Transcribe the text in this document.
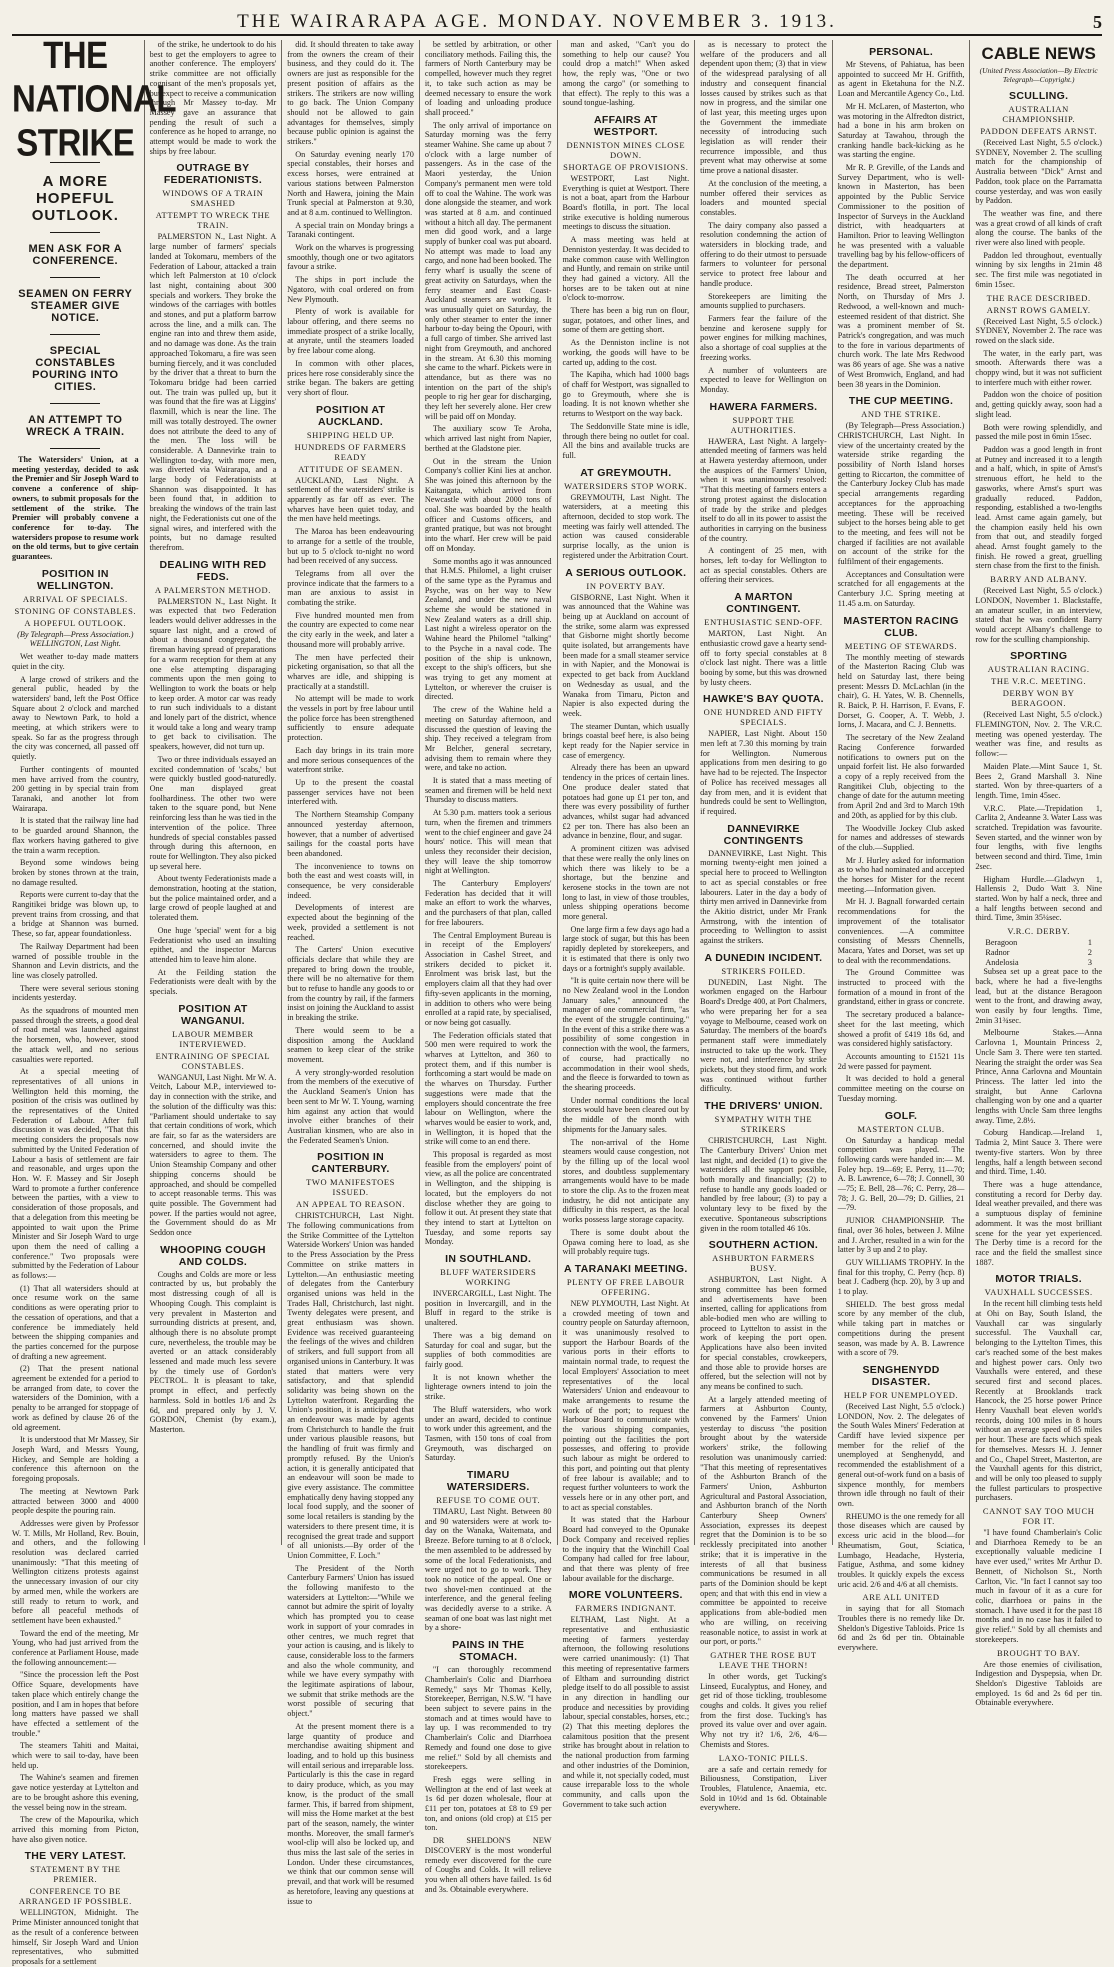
THE WAIRARAPA AGE. MONDAY. NOVEMBER 3. 1913.	5
THE NATIONAL STRIKE
A MORE HOPEFUL OUTLOOK.
MEN ASK FOR A CONFERENCE.
SEAMEN ON FERRY STEAMER GIVE NOTICE.
SPECIAL CONSTABLES POURING INTO CITIES.
AN ATTEMPT TO WRECK A TRAIN.

The Watersiders' Union, at a meeting yesterday, decided to ask the Premier and Sir Joseph Ward to convene a conference of ship-owners, to submit proposals for the settlement of the strike. The Premier will probably convene a conference for to-day. The watersiders propose to resume work on the old terms, but to give certain guarantees.

POSITION IN WELLINGTON.
ARRIVAL OF SPECIALS.
STONING OF CONSTABLES.
A HOPEFUL OUTLOOK.

(By Telegraph—Press Association.) WELLINGTON, Last Night.

Wet weather to-day made matters quiet in the city.

A large crowd of strikers and the general public, headed by the watersiders' band, left the Post Office Square about 2 o'clock and marched away to Newtown Park, to hold a meeting, at which strikers were to speak. So far as the progress through the city was concerned, all passed off quietly.

Further contingents of mounted men have arrived from the country, 200 getting in by special train from Taranaki, and another lot from Wairarapa.

It is stated that the railway line had to be guarded around Shannon, the flax workers having gathered to give the train a warm reception.

Beyond some windows being broken by stones thrown at the train, no damage resulted.

Reports were current to-day that the Rangitikei bridge was blown up, to prevent trains from crossing, and that a bridge at Shannon was burned. These, so far, appear foundationless.

The Railway Department had been warned of possible trouble in the Shannon and Levin districts, and the line was closely patrolled.

There were several serious stoning incidents yesterday.

As the squadrons of mounted men passed through the streets, a good deal of road metal was launched against the horsemen, who, however, stood the attack well, and no serious casualties were reported.

At a special meeting of representatives of all unions in Wellington held this morning, the position of the crisis was outlined by the representatives of the United Federation of Labour. After full discussion it was decided, "That this meeting considers the proposals now submitted by the United Federation of Labour a basis of settlement are fair and reasonable, and urges upon the Hon. W. F. Massey and Sir Joseph Ward to promote a further conference between the parties, with a view to consideration of those proposals, and that a delegation from this meeting be appointed to wait upon the Prime Minister and Sir Joseph Ward to urge upon them the need of calling a conference." Two proposals were submitted by the Federation of Labour as follows:—

(1) That all watersiders should at once resume work on the same conditions as were operating prior to the cessation of operations, and that a conference be immediately held between the shipping companies and the parties concerned for the purpose of drafting a new agreement.

(2) That the present national agreement be extended for a period to be arranged from date, to cover the watersiders of the Dominion, with a penalty to be arranged for stoppage of work as defined by clause 26 of the old agreement.

It is understood that Mr Massey, Sir Joseph Ward, and Messrs Young, Hickey, and Semple are holding a conference this afternoon on the foregoing proposals.

The meeting at Newtown Park attracted between 3000 and 4000 people despite the pouring rain.

Addresses were given by Professor W. T. Mills, Mr Holland, Rev. Bouin, and others, and the following resolution was declared carried unanimously: "That this meeting of Wellington citizens protests against the unnecessary invasion of our city by armed men, while the workers are still ready to return to work, and before all peaceful methods of settlement have been exhausted."

Toward the end of the meeting, Mr Young, who had just arrived from the conference at Parliament House, made the following announcement:—

"Since the procession left the Post Office Square, developments have taken place which entirely change the position, and I am in hopes that before long matters have passed we shall have effected a settlement of the trouble."

The steamers Tahiti and Maitai, which were to sail to-day, have been held up.

The Wahine's seamen and firemen gave notice yesterday at Lyttelton and are to be brought ashore this evening, the vessel being now in the stream.

The crew of the Mapourika, which arrived this morning from Picton, have also given notice.

THE VERY LATEST.
STATEMENT BY THE PREMIER.
CONFERENCE TO BE ARRANGED IF POSSIBLE.

WELLINGTON, Midnight. The Prime Minister announced tonight that as the result of a conference between himself, Sir Joseph Ward and Union representatives, who submitted proposals for a settlement

of the strike, he undertook to do his best to get the employers to agree to another conference. The employers' strike committee are not officially cognisant of the men's proposals yet, but expect to receive a communication through Mr Massey to-day. Mr Massey gave an assurance that pending the result of such a conference as he hoped to arrange, no attempt would be made to work the ships by free labour.

OUTRAGE BY FEDERATIONISTS.
WINDOWS OF A TRAIN SMASHED
ATTEMPT TO WRECK THE TRAIN.

PALMERSTON N., Last Night. A large number of farmers' specials landed at Tokomaru, members of the Federation of Labour, attacked a train which left Palmerston at 10 o'clock last night, containing about 300 specials and workers. They broke the windows of the carriages with bottles and stones, and put a platform barrow across the line, and a milk can. The engine ran into and threw them aside, and no damage was done. As the train approached Tokomaru, a fire was seen burning fiercely, and it was concluded by the driver that a threat to burn the Tokomaru bridge had been carried out. The train was pulled up, but it was found that the fire was at Liggins' flaxmill, which is near the line. The mill was totally destroyed. The owner does not attribute the deed to any of the men. The loss will be considerable. A Dannevirke train to Wellington to-day, with more men, was diverted via Wairarapa, and a large body of Federationists at Shannon was disappointed. It has been found that, in addition to breaking the windows of the train last night, the Federationists cut one of the signal wires, and interfered with the points, but no damage resulted therefrom.

DEALING WITH RED FEDS.
A PALMERSTON METHOD.

PALMERSTON N., Last Night. It was expected that two Federation leaders would deliver addresses in the square last night, and a crowd of about a thousand congregated, the fireman having spread of preparations for a warm reception for them at any one else attempting disparaging comments upon the men going to Wellington to work the boats or help to keep order. A motor car was ready to run such individuals to a distant and lonely part of the district, whence it would take a long and weary tramp to get back to civilisation. The speakers, however, did not turn up.

Two or three individuals essayed an excited condemnation of 'scabs,' but were quickly bustled good-naturedly. One man displayed great foolhardiness. The other two were taken to the square pond, but Nene reinforcing less than he was tied in the intervention of the police. Three hundreds of special constables passed through during this afternoon, en route for Wellington. They also picked up several here.

About twenty Federationists made a demonstration, hooting at the station, but the police maintained order, and a large crowd of people laughed at and tolerated them.

One huge 'special' went for a big Federationist who used an insulting epithet, and the inspector Marcus attended him to leave him alone.

At the Feilding station the Federationists were dealt with by the specials.

POSITION AT WANGANUI.
LABOUR MEMBER INTERVIEWED.
ENTRAINING OF SPECIAL CONSTABLES.

WANGANUI, Last Night. Mr W. A. Veitch, Labour M.P., interviewed to-day in connection with the strike, and the solution of the difficulty was this: "Parliament should undertake to say that certain conditions of work, which are fair, so far as the watersiders are concerned, and should invite the watersiders to agree to them. The Union Steamship Company and other shipping concerns should be approached, and should be compelled to accept reasonable terms. This was quite possible. The Government had power. If the parties would not agree, the Government should do as Mr Seddon once

WHOOPING COUGH AND COLDS.

Coughs and Colds are more or less contracted by us, but probably the most distressing cough of all is Whooping Cough. This complaint is very prevalent in Masterton and surrounding districts at present, and, although there is no absolute prompt cure, nevertheless, the trouble may be averted or an attack considerably lessened and made much less severe by the timely use of Gordon's PECTROL. It is pleasant to take, prompt in effect, and perfectly harmless. Sold in bottles 1/6 and 2s 6d, and prepared only by J. V. GORDON, Chemist (by exam.), Masterton.

did. It should threaten to take away from the owners the cream of their business, and they could do it. The owners are just as responsible for the present position of affairs as the strikers. The strikers are now willing to go back. The Union Company should not be allowed to gain advantages for themselves, simply because public opinion is against the strikers."

On Saturday evening nearly 170 special constables, their horses and excess horses, were entrained at various stations between Palmerston North and Hawera, joining the Main Trunk special at Palmerston at 9.30, and at 8 a.m. continued to Wellington.

A special train on Monday brings a Taranaki contingent.

Work on the wharves is progressing smoothly, though one or two agitators favour a strike.

The ships in port include the Ngatoro, with coal ordered on from New Plymouth.

Plenty of work is available for labour offering, and there seems no immediate prospect of a strike locally, at anyrate, until the steamers loaded by free labour come along.

In common with other places, prices here rose considerably since the strike began. The bakers are getting very short of flour.

POSITION AT AUCKLAND.
SHIPPING HELD UP.
HUNDREDS OF FARMERS READY
ATTITUDE OF SEAMEN.

AUCKLAND, Last Night. A settlement of the watersiders' strike is apparently as far off as ever. The wharves have been quiet today, and the men have held meetings.

The Maroa has been endeavouring to arrange for a settle of the trouble, but up to 5 o'clock to-night no word had been received of any success.

Telegrams from all over the province indicate that the farmers to a man are anxious to assist in combating the strike.

Five hundred mounted men from the country are expected to come near the city early in the week, and later a thousand more will probably arrive.

The men have perfected their picketing organisation, so that all the wharves are idle, and shipping is practically at a standstill.

No attempt will be made to work the vessels in port by free labour until the police force has been strengthened sufficiently to ensure adequate protection.

Each day brings in its train more and more serious consequences of the waterfront strike.

Up to the present the coastal passenger services have not been interfered with.

The Northern Steamship Company announced yesterday afternoon, however, that a number of advertised sailings for the coastal ports have been abandoned.

The inconvenience to towns on both the east and west coasts will, in consequence, be very considerable indeed.

Developments of interest are expected about the beginning of the week, provided a settlement is not reached.

The Carters' Union executive officials declare that while they are prepared to bring down the trouble, there will be no alternative for them but to refuse to handle any goods to or from the country by rail, if the farmers insist on joining the Auckland to assist in breaking the strike.

There would seem to be a disposition among the Auckland seamen to keep clear of the strike movement.

A very strongly-worded resolution from the members of the executive of the Auckland Seamen's Union has been sent to Mr W. T. Young, warning him against any action that would involve either branches of their Australian kinsmen, who are also in the Federated Seamen's Union.

POSITION IN CANTERBURY.
TWO MANIFESTOES ISSUED.
AN APPEAL TO REASON.

CHRISTCHURCH, Last Night. The following communications from the Strike Committee of the Lyttelton Waterside Workers' Union was handed to the Press Association by the Press Committee on strike matters in Lyttelton.—An enthusiastic meeting of delegates from the Canterbury organised unions was held in the Trades Hall, Christchurch, last night. Twenty delegates were present, and great enthusiasm was shown. Evidence was received guaranteeing the feelings of the wives and children of strikers, and full support from all organised unions in Canterbury. It was stated that matters were very satisfactory, and that splendid solidarity was being shown on the Lyttelton waterfront. Regarding the Union's position, it is anticipated that an endeavour was made by agents from Christchurch to handle the fruit under various plausible reasons, but the handling of fruit was firmly and promptly refused. By the Union's action, it is generally anticipated that an endeavour will soon be made to give every assistance. The committee emphatically deny having stopped any local food supply, and the sooner of some local retailers is standing by the watersiders to there present time, it is recognised the great trade and support of all unionists.—By order of the Union Committee, F. Loch."

The President of the North Canterbury Farmers' Union has issued the following manifesto to the watersiders at Lyttelton:—"While we cannot but admire the spirit of loyalty which has prompted you to cease work in support of your comrades in other centres, we much regret that your action is causing, and is likely to cause, considerable loss to the farmers and also the whole community, and while we have every sympathy with the legitimate aspirations of labour, we submit that strike methods are the worst possible of securing that object."

At the present moment there is a large quantity of produce and merchandise awaiting shipment and loading, and to hold up this business will entail serious and irreparable loss. Particularly is this the case in regard to dairy produce, which, as you may know, is the product of the small farmer. This, if barred from shipment, will miss the Home market at the best part of the season, namely, the winter months. Moreover, the small farmer's wool-clip will also be locked up, and thus miss the last sale of the series in London. Under these circumstances, we think that our common sense will prevail, and that work will be resumed as heretofore, leaving any questions at issue to

be settled by arbitration, or other conciliatory methods. Failing this, the farmers of North Canterbury may be compelled, however much they regret it, to take such action as may be deemed necessary to ensure the work of loading and unloading produce shall proceed."

The only arrival of importance on Saturday morning was the ferry steamer Wahine. She came up about 7 o'clock with a large number of passengers. As in the case of the Maori yesterday, the Union Company's permanent men were told off to coal the Wahine. The work was done alongside the steamer, and work was started at 8 a.m. and continued without a hitch all day. The permanent men did good work, and a large supply of bunker coal was put aboard. No attempt was made to load any cargo, and none had been booked. The ferry wharf is usually the scene of great activity on Saturdays, when the ferry steamer and East Coast-Auckland steamers are working. It was unusually quiet on Saturday, the only other steamer to enter the inner harbour to-day being the Opouri, with a full cargo of timber. She arrived last night from Greymouth, and anchored in the stream. At 6.30 this morning she came to the wharf. Pickets were in attendance, but as there was no intention on the part of the ship's people to rig her gear for discharging, they left her severely alone. Her crew will be paid off on Monday.

The auxiliary scow Te Aroha, which arrived last night from Napier, berthed at the Gladstone pier.

Out in the stream the Union Company's collier Kini lies at anchor. She was joined this afternoon by the Kaitangata, which arrived from Newcastle with about 2000 tons of coal. She was boarded by the health officer and Customs officers, and granted pratique, but was not brought into the wharf. Her crew will be paid off on Monday.

Some months ago it was announced that H.M.S. Philomel, a light cruiser of the same type as the Pyramus and Psyche, was on her way to New Zealand, and under the new naval scheme she would be stationed in New Zealand waters as a drill ship. Last night a wireless operator on the Wahine heard the Philomel "talking" to the Psyche in a naval code. The position of the ship is unknown, except to the ship's officers, but she was trying to get any moment at Lyttelton, or wherever the cruiser is directed.

The crew of the Wahine held a meeting on Saturday afternoon, and discussed the question of leaving the ship. They received a telegram from Mr Belcher, general secretary, advising them to remain where they were, and take no action.

It is stated that a mass meeting of seamen and firemen will be held next Thursday to discuss matters.

At 5.30 p.m. matters took a serious turn, when the firemen and trimmers went to the chief engineer and gave 24 hours' notice. This will mean that unless they reconsider their decision, they will leave the ship tomorrow night at Wellington.

The Canterbury Employers' Federation has decided that it will make an effort to work the wharves, and the purchasers of that plan, called for free labourers.

The Central Employment Bureau is in receipt of the Employers' Association in Cashel Street, and strikers decided to picket it. Enrolment was brisk last, but the employers claim all that they had over fifty-seven applicants in the morning, in addition to others who were being enrolled at a rapid rate, by specialised, or now being got casually.

The Federation officials stated that 500 men were required to work the wharves at Lyttelton, and 360 to protect them, and if this number is forthcoming a start would be made on the wharves on Thursday. Further suggestions were made that the employers should concentrate the free labour on Wellington, where the wharves would be easier to work, and, in Wellington, it is hoped that the strike will come to an end there.

This proposal is regarded as most feasible from the employers' point of view, as all the police are concentrated in Wellington, and the shipping is located, but the employers do not disclose whether they are going to follow it out. At present they state that they intend to start at Lyttelton on Tuesday, and some reports say Monday.

IN SOUTHLAND.
BLUFF WATERSIDERS WORKING

INVERCARGILL, Last Night. The position in Invercargill, and in the Bluff in regard to the strike is unaltered.

There was a big demand on Saturday for coal and sugar, but the supplies of both commodities are fairly good.

It is not known whether the lighterage owners intend to join the strike.

The Bluff watersiders, who work under an award, decided to continue to work under this agreement, and the Tasmen, with 150 tons of coal from Greymouth, was discharged on Saturday.

TIMARU WATERSIDERS.
REFUSE TO COME OUT.

TIMARU, Last Night. Between 80 and 90 watersiders were at work to-day on the Wanaka, Waitemata, and Breeze. Before turning to at 8 o'clock, the men assembled to be addressed by some of the local Federationists, and were urged not to go to work. They took no notice of the appeal. One or two shovel-men continued at the interference, and the general feeling was decidedly averse to a strike. A seaman of one boat was last night met by a shore-

PAINS IN THE STOMACH.

"I can thoroughly recommend Chamberlain's Colic and Diarrhoea Remedy," says Mr Thomas Kelly, Storekeeper, Berrigan, N.S.W. "I have been subject to severe pains in the stomach and at times would have to lay up. I was recommended to try Chamberlain's Colic and Diarrhoea Remedy and found one dose to give me relief." Sold by all chemists and storekeepers.

Fresh eggs were selling in Wellington at the end of last week at 1s 6d per dozen wholesale, flour at £11 per ton, potatoes at £8 to £9 per ton, and onions (old crop) at £15 per ton.

DR SHELDON'S NEW DISCOVERY is the most wonderful remedy ever discovered for the cure of Coughs and Colds. It will relieve you when all others have failed. 1s 6d and 3s. Obtainable everywhere.

man and asked, "Can't you do something to help our cause? You could drop a match!" When asked how, the reply was, "One or two among the cargo" (or something to that effect). The reply to this was a sound tongue-lashing.

AFFAIRS AT WESTPORT.
DENNISTON MINES CLOSE DOWN.
SHORTAGE OF PROVISIONS.

WESTPORT, Last Night. Everything is quiet at Westport. There is not a boat, apart from the Harbour Board's flotilla, in port. The local strike executive is holding numerous meetings to discuss the situation.

A mass meeting was held at Denniston yesterday. It was decided to make common cause with Wellington and Huntly, and remain on strike until they had gained a victory. All the horses are to be taken out at nine o'clock to-morrow.

There has been a big run on flour, sugar, potatoes, and other lines, and some of them are getting short.

As the Denniston incline is not working, the goods will have to be carted up, adding to the cost.

The Kapiha, which had 1000 bags of chaff for Westport, was signalled to go to Greymouth, where she is loading. It is not known whether she returns to Westport on the way back.

The Seddonville State mine is idle, through there being no outlet for coal. All the bins and available trucks are full.

AT GREYMOUTH.
WATERSIDERS STOP WORK.

GREYMOUTH, Last Night. The watersiders, at a meeting this afternoon, decided to stop work. The meeting was fairly well attended. The action was caused considerable surprise locally, as the union is registered under the Arbitration Court.

A SERIOUS OUTLOOK.
IN POVERTY BAY.

GISBORNE, Last Night. When it was announced that the Wahine was being up at Auckland on account of the strike, some alarm was expressed that Gisborne might shortly become quite isolated, but arrangements have been made for a small steamer service in with Napier, and the Monowai is expected to get back from Auckland on Wednesday as usual, and the Wanaka from Timaru, Picton and Napier is also expected during the week.

The steamer Duntan, which usually brings coastal beef here, is also being kept ready for the Napier service in case of emergency.

Already there has been an upward tendency in the prices of certain lines. One produce dealer stated that potatoes had gone up £1 per ton, and there was every possibility of further advances, whilst sugar had advanced £2 per ton. There has also been an advance in benzine, flour, and sugar.

A prominent citizen was advised that these were really the only lines on which there was likely to be a shortage, but the benzine and kerosene stocks in the town are not long to last, in view of those troubles, unless shipping operations become more general.

One large firm a few days ago had a large stock of sugar, but this has been rapidly depleted by storekeepers, and it is estimated that there is only two days or a fortnight's supply available.

"It is quite certain now there will be no New Zealand wool in the London January sales," announced the manager of one commercial firm, "as the event of the struggle continuing." In the event of this a strike there was a possibility of some congestion in connection with the wool, the farmers, of course, had practically no accommodation in their wool sheds, and the fleece is forwarded to town as the shearing proceeds.

Under normal conditions the local stores would have been cleared out by the middle of the month with shipments for the January sales.

The non-arrival of the Home steamers would cause congestion, not by the filling up of the local wool stores, and doubtless supplementary arrangements would have to be made to store the clip. As to the frozen meat industry, he did not anticipate any difficulty in this respect, as the local works possess large storage capacity.

There is some doubt about the Opawa coming here to load, as she will probably require tugs.

A TARANAKI MEETING.
PLENTY OF FREE LABOUR OFFERING.

NEW PLYMOUTH, Last Night. At a crowded meeting of town and country people on Saturday afternoon, it was unanimously resolved to support the Harbour Boards of the various ports in their efforts to maintain normal trade, to request the local Employers' Association to meet representatives of the local Watersiders' Union and endeavour to make arrangements to resume the work of the port; to request the Harbour Board to communicate with the various shipping companies, pointing out the facilities the port possesses, and offering to provide such labour as might be ordered to this port, and pointing out that plenty of free labour is available; and to request further volunteers to work the vessels here or in any other port, and to act as special constables.

It was stated that the Harbour Board had conveyed to the Opunake Dock Company and received replies to the inquiry that the Winchill Coal Company had called for free labour, and that there was plenty of free labour available for the discharge.

MORE VOLUNTEERS.
FARMERS INDIGNANT.

ELTHAM, Last Night. At a representative and enthusiastic meeting of farmers yesterday afternoon, the following resolutions were carried unanimously: (1) That this meeting of representative farmers of Eltham and surrounding district pledge itself to do all possible to assist in any direction in handling our produce and necessities by providing labour, special constables, horses, etc.; (2) That this meeting deplores the calamitous position that the present strike has brought about in relation to the national production from farming and other industries of the Dominion, and while it, not specially coded, must cause irreparable loss to the whole community, and calls upon the Government to take such action

as is necessary to protect the welfare of the producers and all dependent upon them; (3) that in view of the widespread paralysing of all industry and consequent financial losses caused by strikes such as that now in progress, and the similar one of last year, this meeting urges upon the Government the immediate necessity of introducing such legislation as will render their recurrence impossible, and thus prevent what may otherwise at some time prove a national disaster.

At the conclusion of the meeting, a number offered their services as loaders and mounted special constables.

The dairy company also passed a resolution condemning the action of watersiders in blocking trade, and offering to do their utmost to persuade farmers to volunteer for personal service to protect free labour and handle produce.

Storekeepers are limiting the amounts supplied to purchasers.

Farmers fear the failure of the benzine and kerosene supply for power engines for milking machines, also a shortage of coal supplies at the freezing works.

A number of volunteers are expected to leave for Wellington on Monday.

HAWERA FARMERS.
SUPPORT THE AUTHORITIES.

HAWERA, Last Night. A largely-attended meeting of farmers was held at Hawera yesterday afternoon, under the auspices of the Farmers' Union, when it was unanimously resolved: "That this meeting of farmers enters a strong protest against the dislocation of trade by the strike and pledges itself to do all in its power to assist the authorities in carrying on the business of the country.

A contingent of 25 men, with horses, left to-day for Wellington to act as special constables. Others are offering their services.

A MARTON CONTINGENT.
ENTHUSIASTIC SEND-OFF.

MARTON, Last Night. An enthusiastic crowd gave a hearty send-off to forty special constables at 8 o'clock last night. There was a little booing by some, but this was drowned by lusty cheers.

HAWKE'S BAY QUOTA.
ONE HUNDRED AND FIFTY SPECIALS.

NAPIER, Last Night. About 150 men left at 7.30 this morning by train for Wellington. Numerous applications from men desiring to go have had to be rejected. The Inspector of Police has received messages all day from men, and it is evident that hundreds could be sent to Wellington, if required.

DANNEVIRKE CONTINGENTS

DANNEVIRKE, Last Night. This morning twenty-eight men joined a special here to proceed to Wellington to act as special constables or free labourers. Later in the day a body of thirty men arrived in Dannevirke from the Akitio district, under Mr Frank Armstrong, with the intention of proceeding to Wellington to assist against the strikers.

A DUNEDIN INCIDENT.
STRIKERS FOILED.

DUNEDIN, Last Night. The workmen engaged on the Harbour Board's Dredge 400, at Port Chalmers, who were preparing her for a sea voyage to Melbourne, ceased work on Saturday. The members of the board's permanent staff were immediately instructed to take up the work. They were not, and interference by strike pickets, but they stood firm, and work was continued without further difficulty.

THE DRIVERS' UNION.
SYMPATHY WITH THE STRIKERS

CHRISTCHURCH, Last Night. The Canterbury Drivers' Union met last night, and decided (1) to give the watersiders all the support possible, both morally and financially; (2) to refuse to handle any goods loaded or handled by free labour; (3) to pay a voluntary levy to be fixed by the executive. Spontaneous subscriptions given in the room totalled 46 10s.

SOUTHERN ACTION.
ASHBURTON FARMERS BUSY.

ASHBURTON, Last Night. A strong committee has been formed and advertisements have been inserted, calling for applications from able-bodied men who are willing to proceed to Lyttelton to assist in the work of keeping the port open. Applications have also been invited for special constables, crowkeepers, and those able to provide horses are offered, but the selection will not by any means be confined to such.

At a largely attended meeting of farmers at Ashburton County, convened by the Farmers' Union yesterday to discuss "the position brought about by the waterside workers' strike, the following resolution was unanimously carried: "That this meeting of representatives of the Ashburton Branch of the Farmers' Union, Ashburton Agricultural and Pastoral Association, and Ashburton branch of the North Canterbury Sheep Owners' Association, expresses its deepest regret that the Dominion is to be so recklessly precipitated into another strike; that it is imperative in the interests of all that business communications be resumed in all parts of the Dominion should be kept open; and that with this end in view a committee be appointed to receive applications from able-bodied men who are willing, on receiving reasonable notice, to assist in work at our port, or ports."

GATHER THE ROSE BUT LEAVE THE THORN!

In other words, get Tucking's Linseed, Eucalyptus, and Honey, and get rid of those tickling, troublesome coughs and colds. It gives you relief from the first dose. Tucking's has proved its value over and over again. Why not try it? 1/6, 2/6, 4/6—Chemists and Stores.

LAXO-TONIC PILLS.

are a safe and certain remedy for Biliousness, Constipation, Liver Troubles, Flatulence, Anaemia, etc. Sold in 10½d and 1s 6d. Obtainable everywhere.

PERSONAL.

Mr Stevens, of Pahiatua, has been appointed to succeed Mr H. Griffith, as agent in Eketahuna for the N.Z. Loan and Mercantile Agency Co., Ltd.

Mr H. McLaren, of Masterton, who was motoring in the Alfredton district, had a bone in his arm broken on Saturday at Tawahou, through the cranking handle back-kicking as he was starting the engine.

Mr R. P. Greville, of the Lands and Survey Department, who is well-known in Masterton, has been appointed by the Public Service Commissioner to the position of Inspector of Surveys in the Auckland district, with headquarters at Hamilton. Prior to leaving Wellington he was presented with a valuable travelling bag by his fellow-officers of the department.

The death occurred at her residence, Bread street, Palmerston North, on Thursday of Mrs J. Redwood, a well-known and much-esteemed resident of that district. She was a prominent member of St. Patrick's congregation, and was much to the fore in various departments of church work. The late Mrs Redwood was 86 years of age. She was a native of West Bromwich, England, and had been 38 years in the Dominion.

THE CUP MEETING.
AND THE STRIKE.

(By Telegraph—Press Association.) CHRISTCHURCH, Last Night. In view of the uncertainty created by the waterside strike regarding the possibility of North Island horses getting to Riccarton, the committee of the Canterbury Jockey Club has made special arrangements regarding acceptances for the approaching meeting. These will be received subject to the horses being able to get to the meeting, and fees will not be charged if facilities are not available on account of the strike for the fulfilment of their engagements.

Acceptances and Consultation were scratched for all engagements at the Canterbury J.C. Spring meeting at 11.45 a.m. on Saturday.

MASTERTON RACING CLUB.
MEETING OF STEWARDS.

The monthly meeting of stewards of the Masterton Racing Club was held on Saturday last, there being present: Messrs D. McLachlan (in the chair), G. H. Yates, W. B. Chennells, R. Baick, P. H. Harrison, F. Evans, F. Dorset, G. Cooper, A. T. Webb, J. Iorns, J. Macara, and C. J. Bennetts.

The secretary of the New Zealand Racing Conference forwarded notifications to owners put on the unpaid forfeit list. He also forwarded a copy of a reply received from the Rangitikei Club, objecting to the change of date for the autumn meeting from April 2nd and 3rd to March 19th and 20th, as applied for by this club.

The Woodville Jockey Club asked for names and addresses of stewards of the club.—Supplied.

Mr J. Hurley asked for information as to who had nominated and accepted the horses for Mister for the recent meeting.—Information given.

Mr H. J. Bagnall forwarded certain recommendations for the improvement of the totalisator conveniences. —A committee consisting of Messrs Chennells, Macara, Yates and Dorset, was set up to deal with the recommendations.

The Ground Committee was instructed to proceed with the formation of a mound in front of the grandstand, either in grass or concrete.

The secretary produced a balance-sheet for the last meeting, which showed a profit of £419 18s 6d, and was considered highly satisfactory.

Accounts amounting to £1521 11s 2d were passed for payment.

It was decided to hold a general committee meeting on the course on Tuesday morning.

GOLF.
MASTERTON CLUB.

On Saturday a handicap medal competition was played. The following cards were handed in:— M. Foley hcp. 19—69; E. Perry, 11—70; A. B. Lawrence, 6—78; J. Connell, 30—75; E. Bell, 28—76; C. Perry, 28—78; J. G. Bell, 20—79; D. Gillies, 21—79.

JUNIOR CHAMPIONSHIP. The final, over 36 holes, between J. Milne and J. Archer, resulted in a win for the latter by 3 up and 2 to play.

GUY WILLIAMS TROPHY. In the final for this trophy, C. Perry (hcp. 8) beat J. Cadberg (hcp. 20), by 3 up and 1 to play.

SHIELD. The best gross medal score by any member of the club, while taking part in matches or competitions during the present season, was made by A. B. Lawrence with a score of 79.

SENGHENYDD DISASTER.
HELP FOR UNEMPLOYED.

(Received Last Night, 5.5 o'clock.) LONDON, Nov. 2. The delegates of the South Wales Miners' Federation at Cardiff have levied sixpence per member for the relief of the unemployed at Senghenydd, and recommended the establishment of a general out-of-work fund on a basis of sixpence monthly, for members thrown idle through no fault of their own.

RHEUMO is the one remedy for all those diseases which are caused by excess uric acid in the blood—for Rheumatism, Gout, Sciatica, Lumbago, Headache, Hysteria, Fatigue, Asthma, and some kidney troubles. It quickly expels the excess uric acid. 2/6 and 4/6 at all chemists.

ARE ALL UNITED

in saying that for all Stomach Troubles there is no remedy like Dr. Sheldon's Digestive Tabloids. Price 1s 6d and 2s 6d per tin. Obtainable everywhere.

CABLE NEWS
(United Press Association—By Electric Telegraph—Copyright.)
SCULLING.
AUSTRALIAN CHAMPIONSHIP.
PADDON DEFEATS ARNST.

(Received Last Night, 5.5 o'clock.) SYDNEY, November 2. The sculling match for the championship of Australia between "Dick" Arnst and Paddon, took place on the Parramatta course yesterday, and was won easily by Paddon.

The weather was fine, and there was a great crowd of all kinds of craft along the course. The banks of the river were also lined with people.

Paddon led throughout, eventually winning by six lengths in 21min 48 sec. The first mile was negotiated in 6min 15sec.

THE RACE DESCRIBED.
ARNST ROWS GAMELY.

(Received Last Night, 5.5 o'clock.) SYDNEY, November 2. The race was rowed on the slack side.

The water, in the early part, was smooth. Afterwards there was a choppy wind, but it was not sufficient to interfere much with either rower.

Paddon won the choice of position and, getting quickly away, soon had a slight lead.

Both were rowing splendidly, and passed the mile post in 6min 15sec.

Paddon was a good length in front at Putney and increased it to a length and a half, which, in spite of Arnst's strenuous effort, he held to the gasworks, where Arnst's spurt was gradually reduced. Paddon, responding, established a two-lengths lead. Arnst came again gamely, but the champion easily held his own from that out, and steadily forged ahead. Arnst fought gamely to the finish. He rowed a great, gruelling stern chase from the first to the finish.

BARRY AND ALBANY.

(Received Last Night, 5.5 o'clock.) LONDON, November 1. Blackstaffe, an amateur sculler, in an interview, stated that he was confident Barry would accept Albany's challenge to row for the sculling championship.

SPORTING
AUSTRALIAN RACING.
THE V.R.C. MEETING.
DERBY WON BY BERAGOON.

(Received Last Night, 5.5 o'clock.) FLEMINGTON, Nov. 2. The V.R.C. meeting was opened yesterday. The weather was fine, and results as follow:—

Maiden Plate.—Mint Sauce 1, St. Bees 2, Grand Marshall 3. Nine started. Won by three-quarters of a length. Time, 1min 45sec.

V.R.C. Plate.—Trepidation 1, Carlita 2, Andeanne 3. Water Lass was scratched. Trepidation was favourite. Seven started, and the winner won by four lengths, with five lengths between second and third. Time, 1min 2sec.

Higham Hurdle.—Gladwyn 1, Hallensis 2, Dudo Watt 3. Nine started. Won by half a neck, three and a half lengths between second and third. Time, 3min 35¼sec.

V.R.C. DERBY.
Beragoon	1
Radnor	2
Andelosia	3

Subsea set up a great pace to the back, where he had a five-lengths lead, but at the distance Beragoon went to the front, and drawing away, won easily by four lengths. Time, 2min 31¾sec.

Melbourne Stakes.—Anna Carlovna 1, Mountain Princess 2, Uncle Sam 3. There were ten started. Nearing the straight the order was Sea Prince, Anna Carlovna and Mountain Princess. The latter led into the straight, but Anne Carlovna challenging won by one and a quarter lengths with Uncle Sam three lengths away. Time, 2.8½.

Coburg Handicap.—Ireland 1, Tadmia 2, Mint Sauce 3. There were twenty-five starters. Won by three lengths, half a length between second and third. Time, 1.40.

There was a huge attendance, constituting a record for Derby day. Ideal weather prevailed, and there was a sumptuous display of feminine adornment. It was the most brilliant scene for the year yet experienced. The Derby time is a record for the race and the field the smallest since 1887.

MOTOR TRIALS.
VAUXHALL SUCCESSES.

In the recent hill climbing tests held at Ohi on Bay, South Island, the Vauxhall car was singularly successful. The Vauxhall car, belonging to the Lyttelton Times, this car's reached some of the best makes and highest power cars. Only two Vauxhalls were entered, and these secured first and second places. Recently at Brooklands track Hancock, the 25 horse power Prince Henry Vauxhall beat eleven world's records, doing 100 miles in 8 hours without an average speed of 85 miles per hour. These are facts which speak for themselves. Messrs H. J. Jenner and Co., Chapel Street, Masterton, are the Vauxhall agents for this district, and will be only too pleased to supply the fullest particulars to prospective purchasers.

CANNOT SAY TOO MUCH FOR IT.

"I have found Chamberlain's Colic and Diarrhoea Remedy to be an exceptionally valuable medicine I have ever used," writes Mr Arthur D. Bennett, of Nicholson St., North Carlton, Vic. "In fact I cannot say too much in favour of it as a cure for colic, diarrhoea or pains in the stomach. I have used it for the past 18 months and in no case has it failed to give relief." Sold by all chemists and storekeepers.

BROUGHT TO BAY.

Are those enemies of civilisation, Indigestion and Dyspepsia, when Dr. Sheldon's Digestive Tabloids are employed. 1s 6d and 2s 6d per tin. Obtainable everywhere.
